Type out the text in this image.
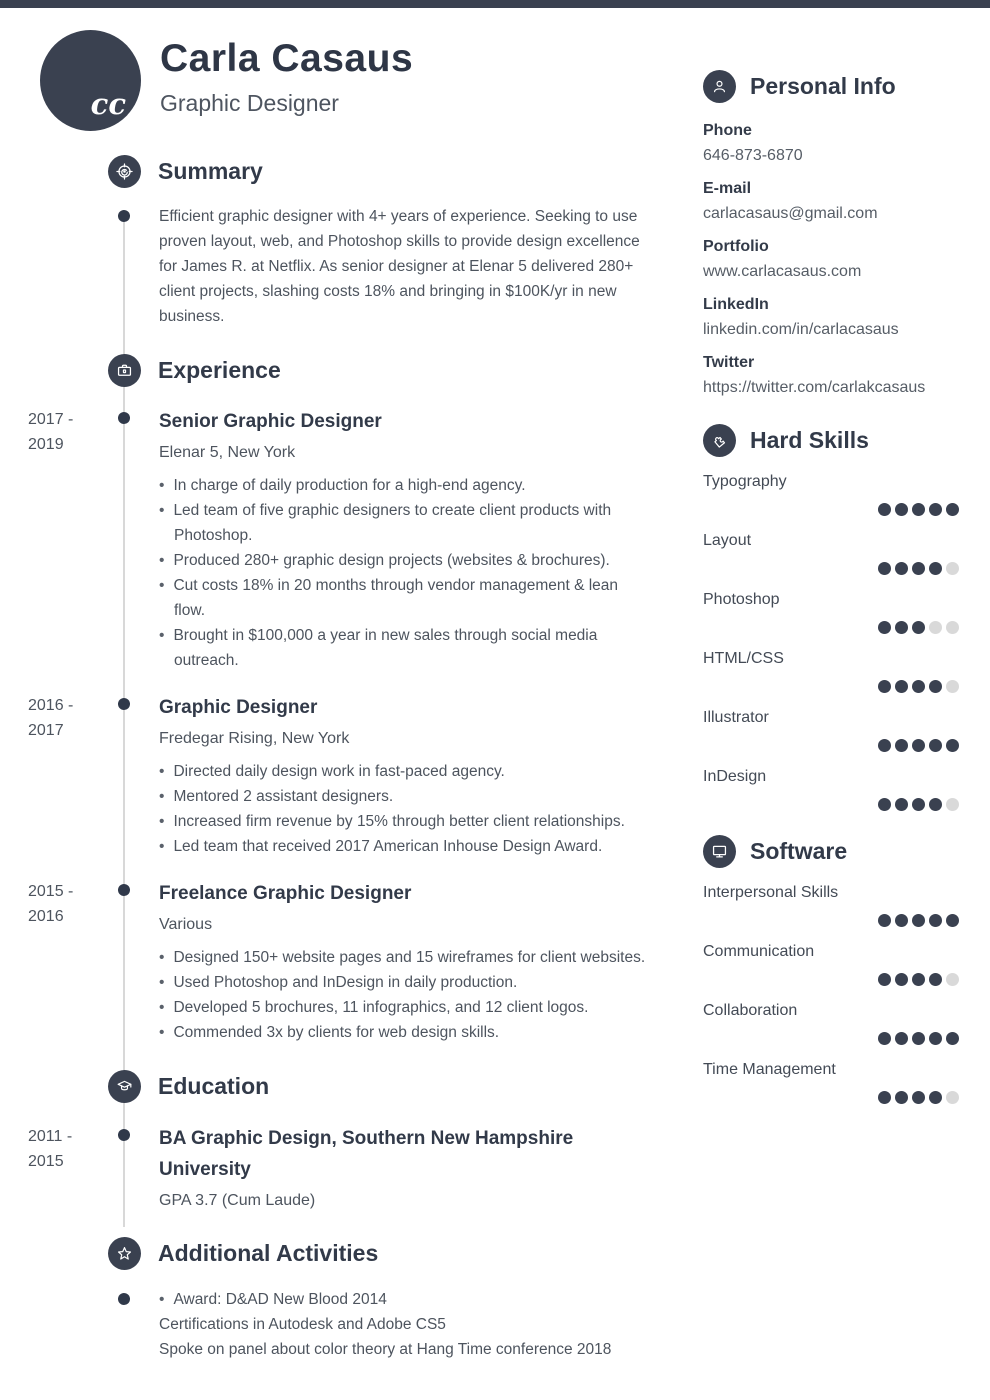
cc
Carla Casaus
Graphic Designer
Summary

Efficient graphic designer with 4+ years of experience. Seeking to use proven layout, web, and Photoshop skills to provide design excellence for James R. at Netflix. As senior designer at Elenar 5 delivered 280+ client projects, slashing costs 18% and bringing in $100K/yr in new business.

Experience
2017 -
2019
Senior Graphic Designer
Elenar 5, New York
• In charge of daily production for a high-end agency.
• Led team of five graphic designers to create client products with Photoshop.
• Produced 280+ graphic design projects (websites & brochures).
• Cut costs 18% in 20 months through vendor management & lean flow.
• Brought in $100,000 a year in new sales through social media outreach.
2016 -
2017
Graphic Designer
Fredegar Rising, New York
• Directed daily design work in fast-paced agency.
• Mentored 2 assistant designers.
• Increased firm revenue by 15% through better client relationships.
• Led team that received 2017 American Inhouse Design Award.
2015 -
2016
Freelance Graphic Designer
Various
• Designed 150+ website pages and 15 wireframes for client websites.
• Used Photoshop and InDesign in daily production.
• Developed 5 brochures, 11 infographics, and 12 client logos.
• Commended 3x by clients for web design skills.
Education
2011 -
2015
BA Graphic Design, Southern New Hampshire University
GPA 3.7 (Cum Laude)
Additional Activities
• Award: D&AD New Blood 2014
Certifications in Autodesk and Adobe CS5
Spoke on panel about color theory at Hang Time conference 2018
Personal Info
Phone
646-873-6870
E-mail
carlacasaus@gmail.com
Portfolio
www.carlacasaus.com
LinkedIn
linkedin.com/in/carlacasaus
Twitter
https://twitter.com/carlakcasaus
Hard Skills
Typography
Layout
Photoshop
HTML/CSS
Illustrator
InDesign
Software
Interpersonal Skills
Communication
Collaboration
Time Management
